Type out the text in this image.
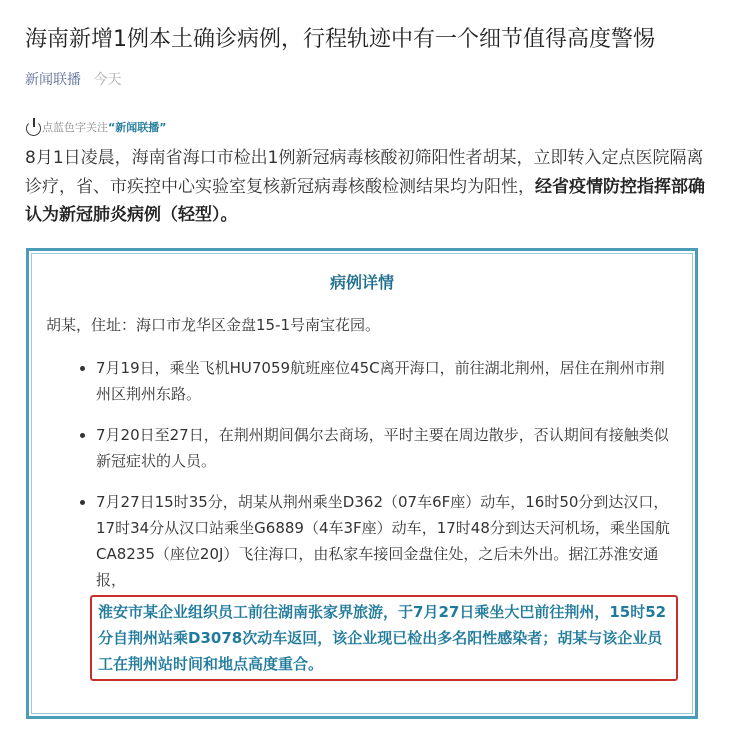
海南新增1例本土确诊病例，行程轨迹中有一个细节值得高度警惕
新闻联播 今天
点蓝色字关注 “新闻联播”
8月1日凌晨，海南省海口市检出1例新冠病毒核酸初筛阳性者胡某，立即转入定点医院隔离诊疗，省、市疾控中心实验室复核新冠病毒核酸检测结果均为阳性，经省疫情防控指挥部确认为新冠肺炎病例（轻型）。
病例详情
胡某，住址：海口市龙华区金盘15-1号南宝花园。
• 7月19日，乘坐飞机HU7059航班座位45C离开海口，前往湖北荆州，居住在荆州市荆州区荆州东路。
• 7月20日至27日，在荆州期间偶尔去商场，平时主要在周边散步，否认期间有接触类似新冠症状的人员。
• 7月27日15时35分，胡某从荆州乘坐D362（07车6F座）动车，16时50分到达汉口，17时34分从汉口站乘坐G6889（4车3F座）动车，17时48分到达天河机场，乘坐国航CA8235（座位20J）飞往海口，由私家车接回金盘住处，之后未外出。据江苏淮安通报，
淮安市某企业组织员工前往湖南张家界旅游，于7月27日乘坐大巴前往荆州，15时52分自荆州站乘D3078次动车返回，该企业现已检出多名阳性感染者；胡某与该企业员工在荆州站时间和地点高度重合。
